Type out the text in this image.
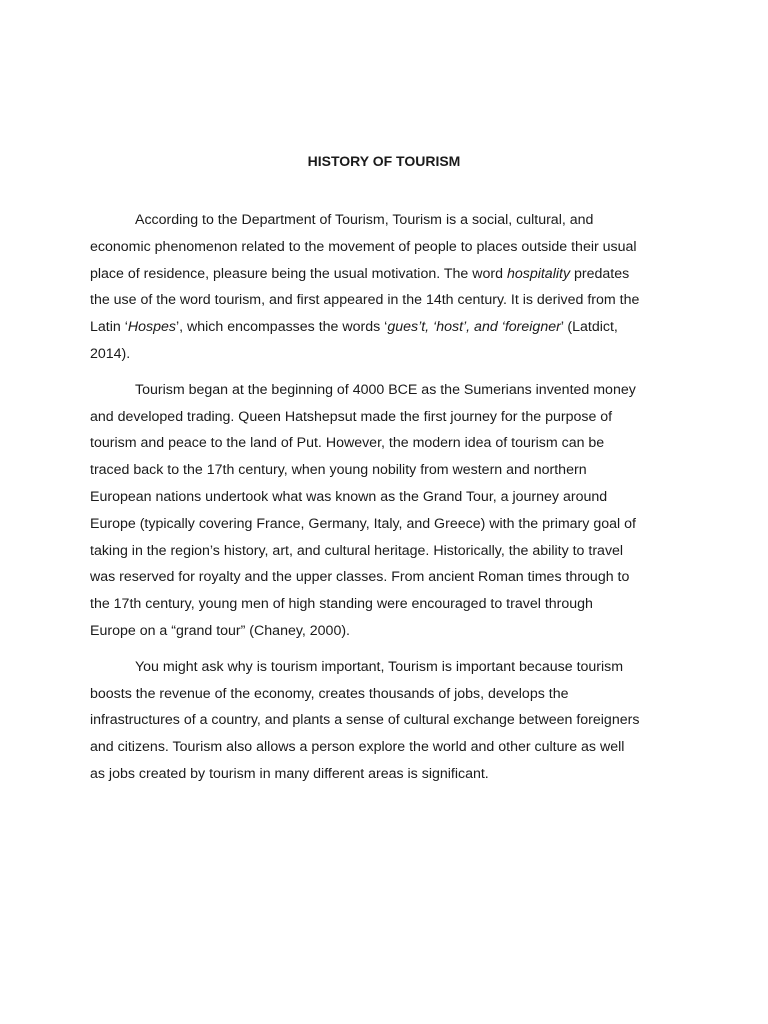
HISTORY OF TOURISM

According to the Department of Tourism, Tourism is a social, cultural, and
economic phenomenon related to the movement of people to places outside their usual
place of residence, pleasure being the usual motivation. The word hospitality predates
the use of the word tourism, and first appeared in the 14th century. It is derived from the
Latin ‘Hospes’, which encompasses the words ‘gues’t, ‘host’, and ‘foreigner’ (Latdict,
2014).

Tourism began at the beginning of 4000 BCE as the Sumerians invented money
and developed trading. Queen Hatshepsut made the first journey for the purpose of
tourism and peace to the land of Put. However, the modern idea of tourism can be
traced back to the 17th century, when young nobility from western and northern
European nations undertook what was known as the Grand Tour, a journey around
Europe (typically covering France, Germany, Italy, and Greece) with the primary goal of
taking in the region’s history, art, and cultural heritage. Historically, the ability to travel
was reserved for royalty and the upper classes. From ancient Roman times through to
the 17th century, young men of high standing were encouraged to travel through
Europe on a “grand tour” (Chaney, 2000).

You might ask why is tourism important, Tourism is important because tourism
boosts the revenue of the economy, creates thousands of jobs, develops the
infrastructures of a country, and plants a sense of cultural exchange between foreigners
and citizens. Tourism also allows a person explore the world and other culture as well
as jobs created by tourism in many different areas is significant.
